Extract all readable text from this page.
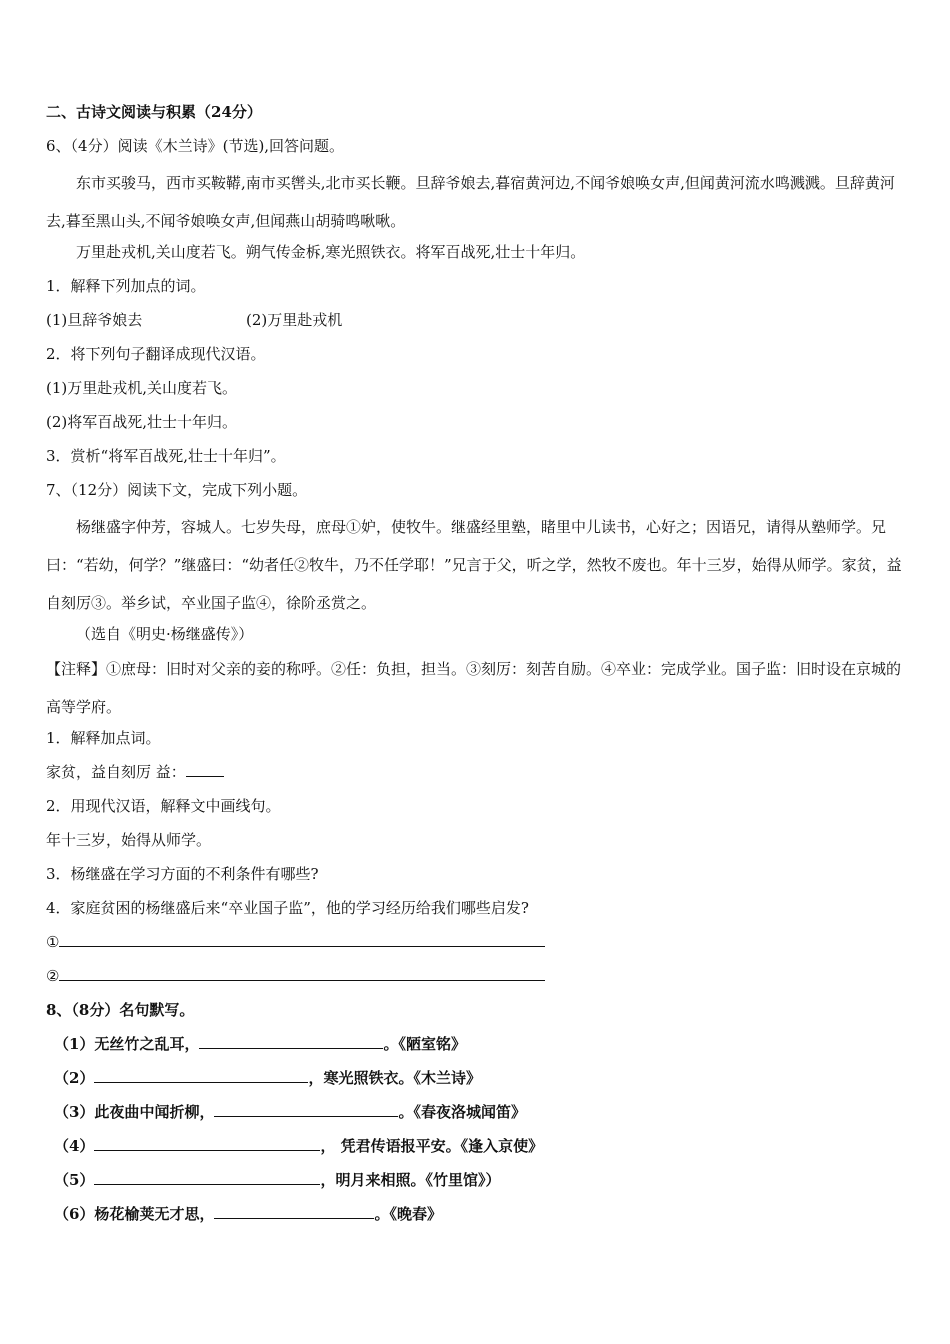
二、古诗文阅读与积累（24分）
6、（4分）阅读《木兰诗》(节选),回答问题。
东市买骏马，西市买鞍鞯,南市买辔头,北市买长鞭。旦辞爷娘去,暮宿黄河边,不闻爷娘唤女声,但闻黄河流水鸣溅溅。旦辞黄河去,暮至黑山头,不闻爷娘唤女声,但闻燕山胡骑鸣啾啾。
万里赴戎机,关山度若飞。朔气传金柝,寒光照铁衣。将军百战死,壮士十年归。
1．解释下列加点的词。
(1)旦辞爷娘去	(2)万里赴戎机
2．将下列句子翻译成现代汉语。
(1)万里赴戎机,关山度若飞。
(2)将军百战死,壮士十年归。
3．赏析“将军百战死,壮士十年归”。
7、（12分）阅读下文，完成下列小题。
杨继盛字仲芳，容城人。七岁失母，庶母①妒，使牧牛。继盛经里塾，睹里中儿读书，心好之；因语兄，请得从塾师学。兄曰：“若幼，何学？”继盛曰：“幼者任②牧牛，乃不任学耶！”兄言于父，听之学，然牧不废也。年十三岁，始得从师学。家贫，益自刻厉③。举乡试，卒业国子监④，徐阶丞赏之。
（选自《明史·杨继盛传》）
【注释】①庶母：旧时对父亲的妾的称呼。②任：负担，担当。③刻厉：刻苦自励。④卒业：完成学业。国子监：旧时设在京城的高等学府。
1．解释加点词。
家贫，益自刻厉 益：
2．用现代汉语，解释文中画线句。
年十三岁，始得从师学。
3．杨继盛在学习方面的不利条件有哪些?
4．家庭贫困的杨继盛后来“卒业国子监”，他的学习经历给我们哪些启发?
①
②
8、（8分）名句默写。
（1）无丝竹之乱耳，	。《陋室铭》
（2）	，寒光照铁衣。《木兰诗》
（3）此夜曲中闻折柳，	。《春夜洛城闻笛》
（4）	， 凭君传语报平安。《逢入京使》
（5）	，明月来相照。《竹里馆》）
（6）杨花榆荚无才思，	。《晚春》
